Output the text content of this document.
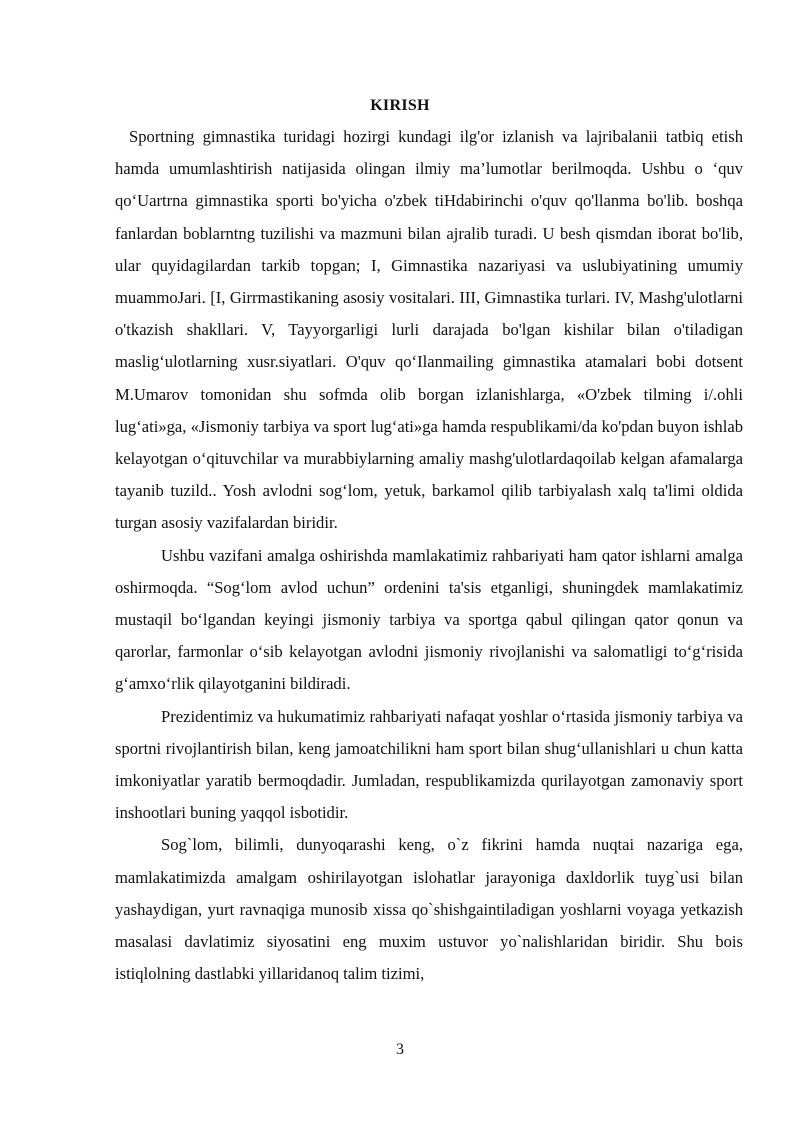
KIRISH

Sportning gimnastika turidagi hozirgi kundagi ilg'or izlanish va lajribalanii tatbiq etish hamda umumlashtirish natijasida olingan ilmiy ma’lumotlar berilmoqda. Ushbu o ‘quv qo‘Uartrna gimnastika sporti bo'yicha o'zbek tiHdabirinchi o'quv qo'llanma bo'lib. boshqa fanlardan boblarntng tuzilishi va mazmuni bilan ajralib turadi. U besh qismdan iborat bo'lib, ular quyidagilardan tarkib topgan; I, Gimnastika nazariyasi va uslubiyatining umumiy muammoJari. [I, Girrmastikaning asosiy vositalari. III, Gimnastika turlari. IV, Mashg'ulotlarni o'tkazish shakllari. V, Tayyorgarligi lurli darajada bo'lgan kishilar bilan o'tiladigan maslig‘ulotlarning xusr.siyatlari. O'quv qo‘Ilanmailing gimnastika atamalari bobi dotsent M.Umarov tomonidan shu sofmda olib borgan izlanishlarga, «O'zbek tilming i/.ohli lug‘ati»ga, «Jismoniy tarbiya va sport lug‘ati»ga hamda respublikami/da ko'pdan buyon ishlab kelayotgan o‘qituvchilar va murabbiylarning amaliy mashg'ulotlardaqoilab kelgan afamalarga tayanib tuzild.. Yosh avlodni sog‘lom, yetuk, barkamol qilib tarbiyalash xalq ta'limi oldida turgan asosiy vazifalardan biridir.

Ushbu vazifani amalga oshirishda mamlakatimiz rahbariyati ham qator ishlarni amalga oshirmoqda. “Sog‘lom avlod uchun” ordenini ta'sis etganligi, shuningdek mamlakatimiz mustaqil bo‘lgandan keyingi jismoniy tarbiya va sportga qabul qilingan qator qonun va qarorlar, farmonlar o‘sib kelayotgan avlodni jismoniy rivojlanishi va salomatligi to‘g‘risida g‘amxo‘rlik qilayotganini bildiradi.

Prezidentimiz va hukumatimiz rahbariyati nafaqat yoshlar o‘rtasida jismoniy tarbiya va sportni rivojlantirish bilan, keng jamoatchilikni ham sport bilan shug‘ullanishlari u chun katta imkoniyatlar yaratib bermoqdadir. Jumladan, respublikamizda qurilayotgan zamonaviy sport inshootlari buning yaqqol isbotidir.

Sog`lom, bilimli, dunyoqarashi keng, o`z fikrini hamda nuqtai nazariga ega, mamlakatimizda amalgam oshirilayotgan islohatlar jarayoniga daxldorlik tuyg`usi bilan yashaydigan, yurt ravnaqiga munosib xissa qo`shishgaintiladigan yoshlarni voyaga yetkazish masalasi davlatimiz siyosatini eng muxim ustuvor yo`nalishlaridan biridir. Shu bois istiqlolning dastlabki yillaridanoq talim tizimi,

3
